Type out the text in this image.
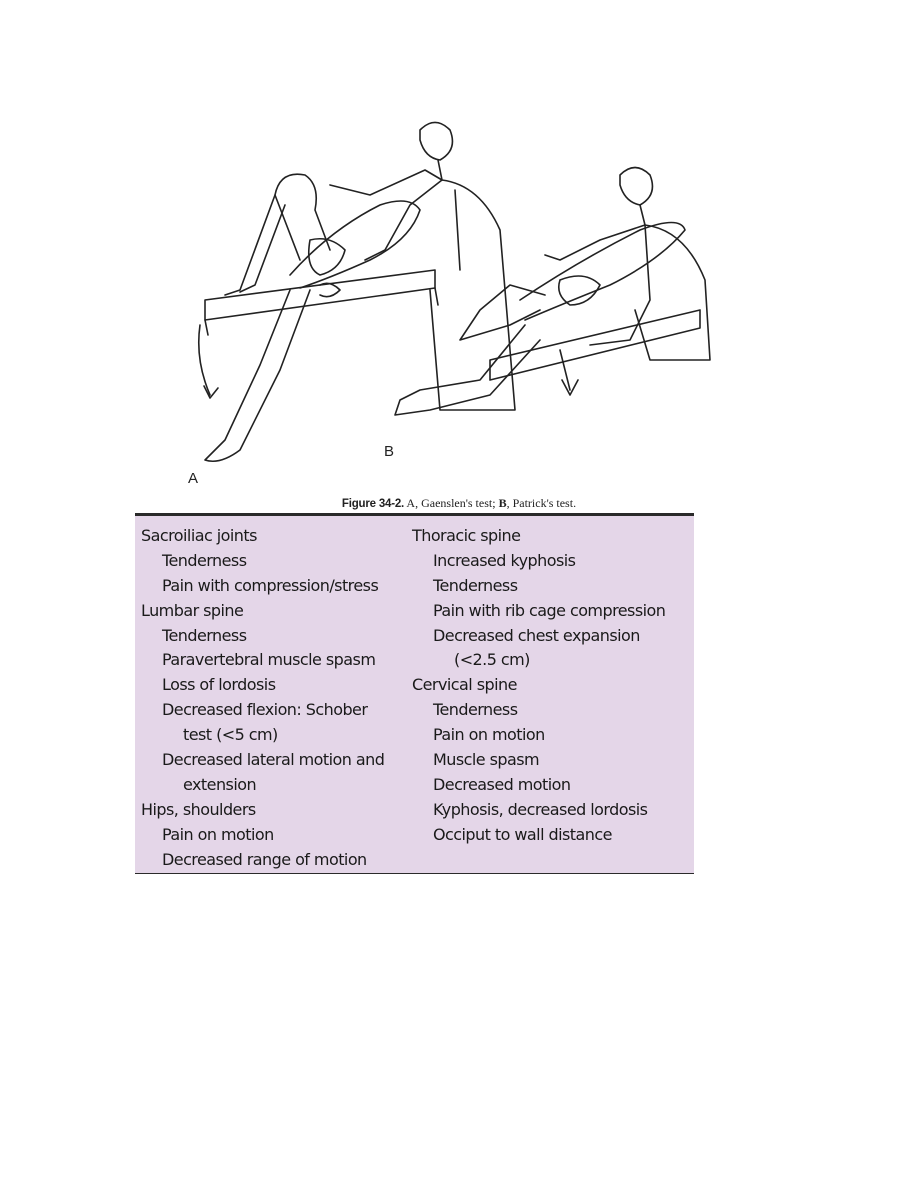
A
B
Figure 34-2. A, Gaenslen's test; B, Patrick's test.
Sacroiliac joints
Tenderness
Pain with compression/stress
Lumbar spine
Tenderness
Paravertebral muscle spasm
Loss of lordosis
Decreased flexion: Schober
test (<5 cm)
Decreased lateral motion and
extension
Hips, shoulders
Pain on motion
Decreased range of motion
Thoracic spine
Increased kyphosis
Tenderness
Pain with rib cage compression
Decreased chest expansion
(<2.5 cm)
Cervical spine
Tenderness
Pain on motion
Muscle spasm
Decreased motion
Kyphosis, decreased lordosis
Occiput to wall distance
